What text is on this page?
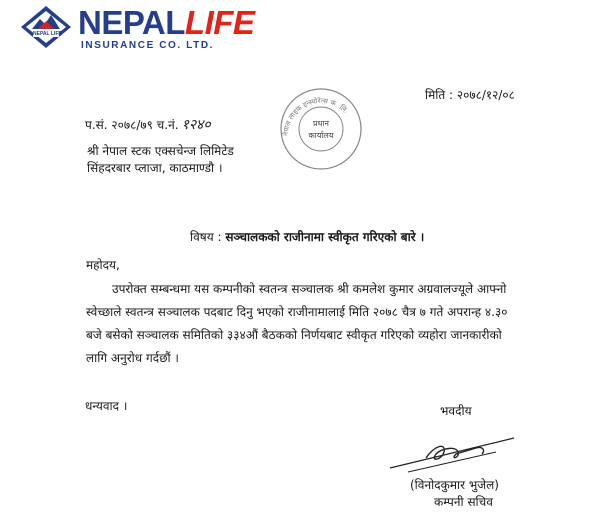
NEPAL LIFE NEPALLIFE
INSURANCE CO. LTD.
मिति : २०७८/१२/०८
प.सं. २०७८/७९ च.नं. १२४०
श्री नेपाल स्टक एक्सचेन्ज लिमिटेड
सिंहदरबार प्लाजा, काठमाण्डौ ।
नेपाल लाइफ इन्स्योरेन्स कं. लि.
प्रधान
कार्यालय
विषय : सञ्चालकको राजीनामा स्वीकृत गरिएको बारे ।
महोदय,
उपरोक्त सम्बन्धमा यस कम्पनीको स्वतन्त्र सञ्चालक श्री कमलेश कुमार अग्रवालज्यूले आफ्नो
स्वेच्छाले स्वतन्त्र सञ्चालक पदबाट दिनु भएको राजीनामालाई मिति २०७८ चैत्र ७ गते अपरान्ह ४.३०
बजे बसेको सञ्चालक समितिको ३३४औं बैठकको निर्णयबाट स्वीकृत गरिएको व्यहोरा जानकारीको
लागि अनुरोध गर्दछौं ।
धन्यवाद ।	भवदीय
(विनोदकुमार भुजेल)
कम्पनी सचिव
